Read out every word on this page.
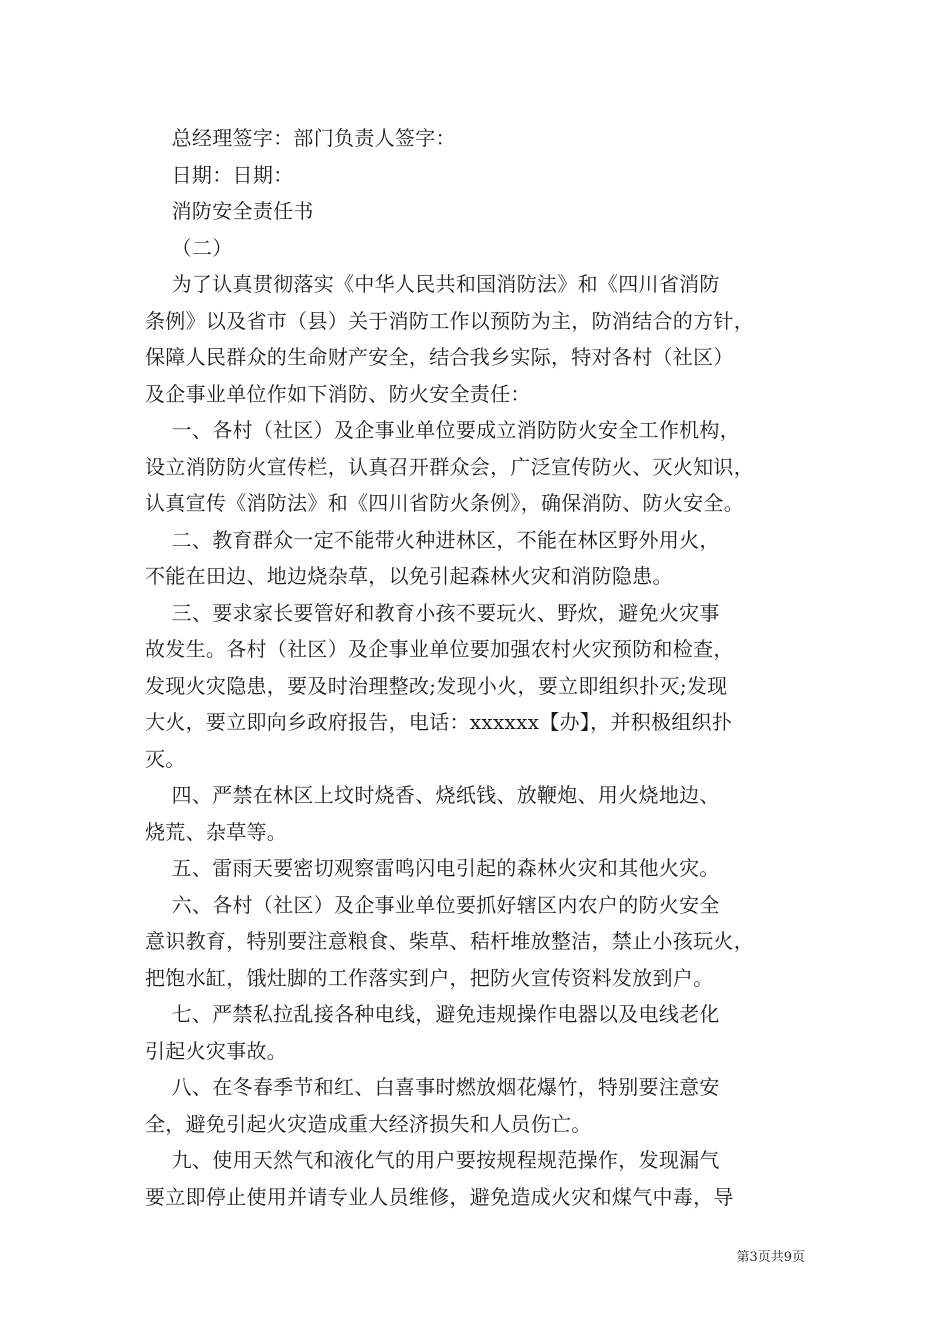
总经理签字：部门负责人签字：
日期：日期：
消防安全责任书
（二）
为了认真贯彻落实《中华人民共和国消防法》和《四川省消防
条例》以及省市（县）关于消防工作以预防为主，防消结合的方针，
保障人民群众的生命财产安全，结合我乡实际，特对各村（社区）
及企事业单位作如下消防、防火安全责任：
一、各村（社区）及企事业单位要成立消防防火安全工作机构，
设立消防防火宣传栏，认真召开群众会，广泛宣传防火、灭火知识，
认真宣传《消防法》和《四川省防火条例》，确保消防、防火安全。
二、教育群众一定不能带火种进林区，不能在林区野外用火，
不能在田边、地边烧杂草，以免引起森林火灾和消防隐患。
三、要求家长要管好和教育小孩不要玩火、野炊，避免火灾事
故发生。各村（社区）及企事业单位要加强农村火灾预防和检查，
发现火灾隐患，要及时治理整改;发现小火，要立即组织扑灭;发现
大火，要立即向乡政府报告，电话：xxxxxx【办】，并积极组织扑
灭。
四、严禁在林区上坟时烧香、烧纸钱、放鞭炮、用火烧地边、
烧荒、杂草等。
五、雷雨天要密切观察雷鸣闪电引起的森林火灾和其他火灾。
六、各村（社区）及企事业单位要抓好辖区内农户的防火安全
意识教育，特别要注意粮食、柴草、秸杆堆放整洁，禁止小孩玩火，
把饱水缸，饿灶脚的工作落实到户，把防火宣传资料发放到户。
七、严禁私拉乱接各种电线，避免违规操作电器以及电线老化
引起火灾事故。
八、在冬春季节和红、白喜事时燃放烟花爆竹，特别要注意安
全，避免引起火灾造成重大经济损失和人员伤亡。
九、使用天然气和液化气的用户要按规程规范操作，发现漏气
要立即停止使用并请专业人员维修，避免造成火灾和煤气中毒，导
第3页共9页
